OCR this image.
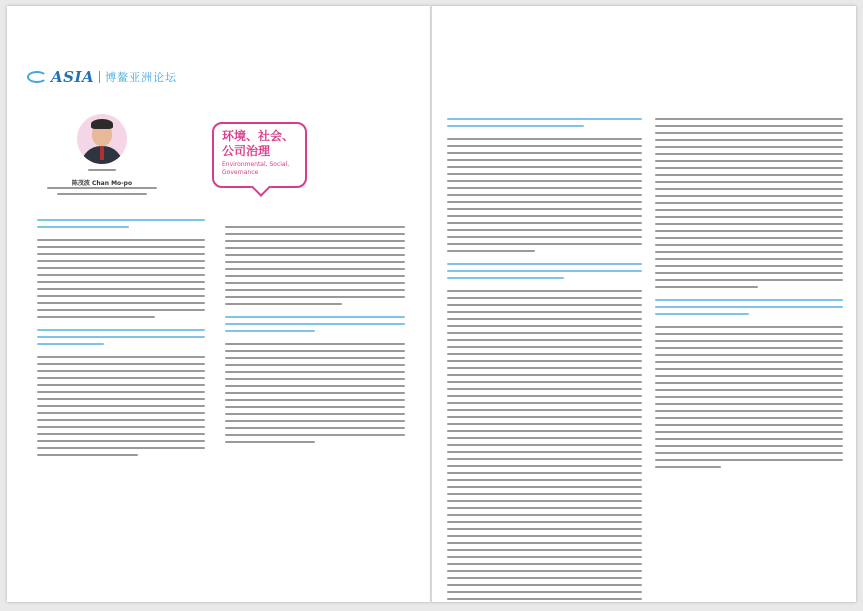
ASIA 博鳌亚洲论坛
陈茂波 Chan Mo-po
环境、社会、公司治理
Environmental, Social, Governance
